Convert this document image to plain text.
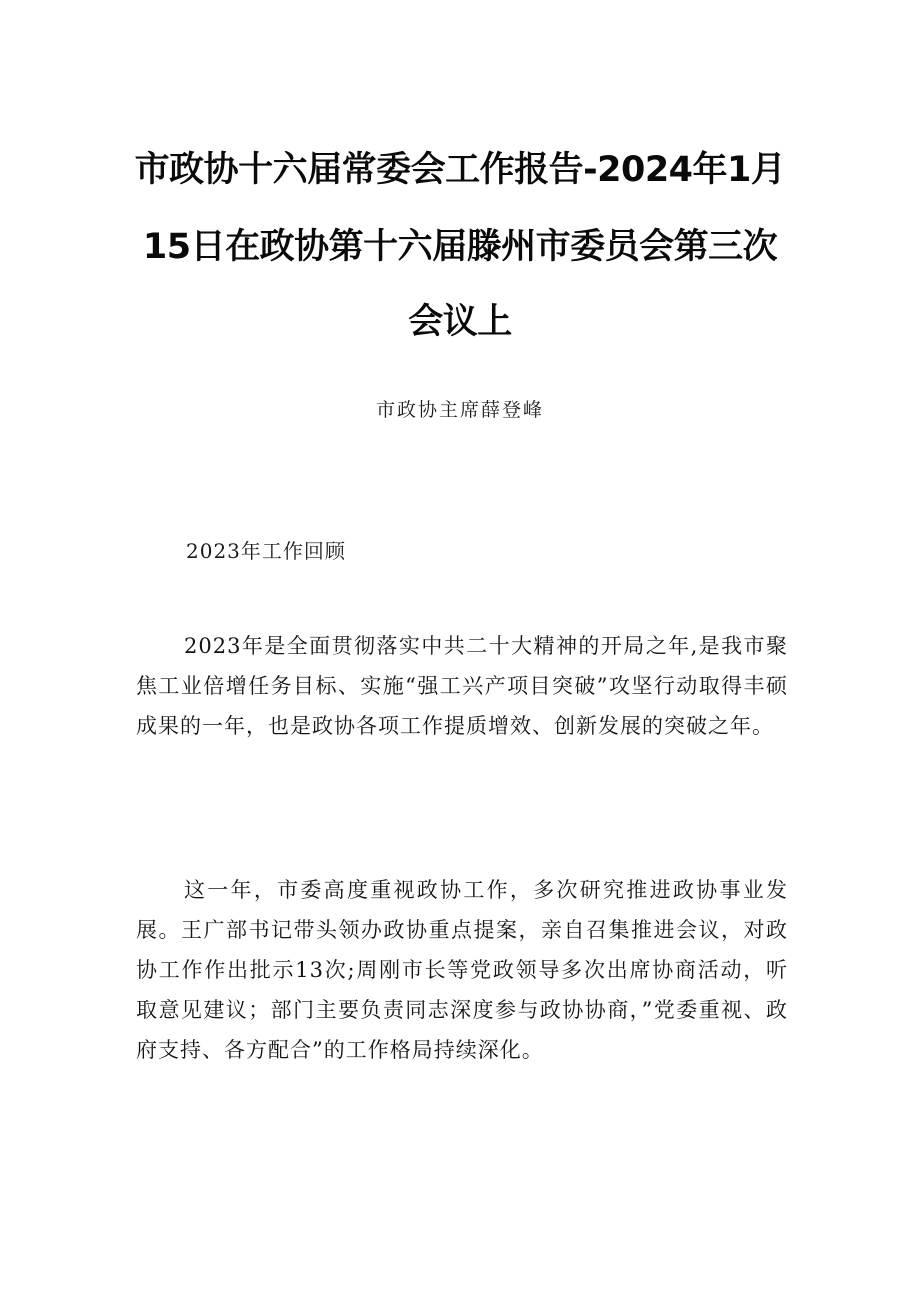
市政协十六届常委会工作报告-2024年1月
15日在政协第十六届滕州市委员会第三次
会议上
市政协主席薛登峰
2023年工作回顾

2023年是全面贯彻落实中共二十大精神的开局之年,是我市聚焦工业倍增任务目标、实施“强工兴产项目突破”攻坚行动取得丰硕成果的一年，也是政协各项工作提质增效、创新发展的突破之年。

这一年，市委高度重视政协工作，多次研究推进政协事业发展。王广部书记带头领办政协重点提案，亲自召集推进会议，对政协工作作出批示13次;周刚市长等党政领导多次出席协商活动，听取意见建议；部门主要负责同志深度参与政协协商，”党委重视、政府支持、各方配合”的工作格局持续深化。
